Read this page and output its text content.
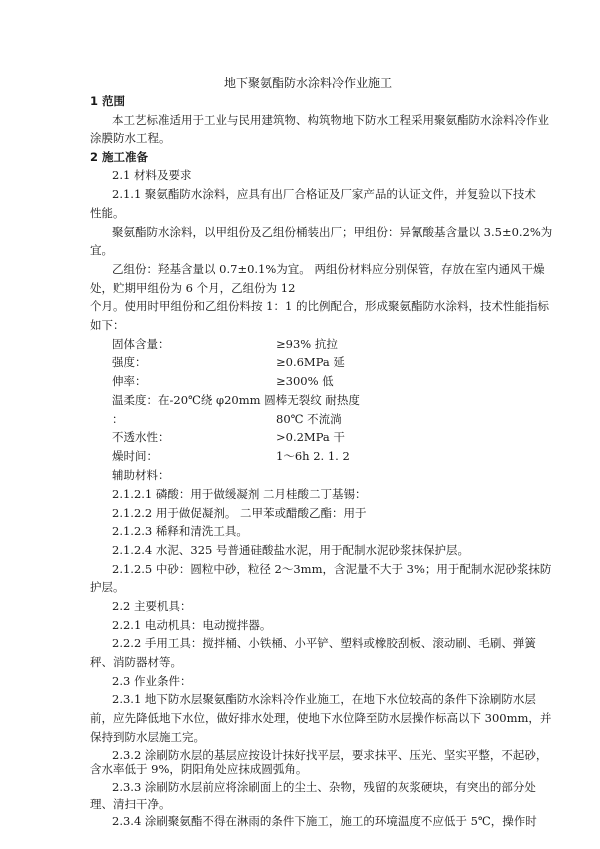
地下聚氨酯防水涂料冷作业施工
1 范围
本工艺标准适用于工业与民用建筑物、构筑物地下防水工程采用聚氨酯防水涂料冷作业
涂膜防水工程。
2 施工准备
2.1 材料及要求
2.1.1 聚氨酯防水涂料，应具有出厂合格证及厂家产品的认证文件，并复验以下技术
性能。
聚氨酯防水涂料，以甲组份及乙组份桶装出厂；甲组份：异氰酸基含量以 3.5±0.2%为
宜。
乙组份：羟基含量以 0.7±0.1%为宜。 两组份材料应分别保管，存放在室内通风干燥
处，贮期甲组份为 6 个月，乙组份为 12
个月。使用时甲组份和乙组份料按 1：1 的比例配合，形成聚氨酯防水涂料，技术性能指标
如下：
固体含量：	≥93% 抗拉
强度：	≥0.6MPa 延
伸率：	≥300% 低
温柔度：在-20℃绕 φ20mm 圆棒无裂纹 耐热度
：	80℃ 不流淌
不透水性：	>0.2MPa 干
燥时间：	1～6h 2. 1. 2
辅助材料：
2.1.2.1 磷酸：用于做缓凝剂 二月桂酸二丁基锡：
2.1.2.2 用于做促凝剂。 二甲苯或醋酸乙酯：用于
2.1.2.3 稀释和清洗工具。
2.1.2.4 水泥、325 号普通硅酸盐水泥，用于配制水泥砂浆抹保护层。
2.1.2.5 中砂：圆粒中砂，粒径 2～3mm，含泥量不大于 3%；用于配制水泥砂浆抹防
护层。
2.2 主要机具：
2.2.1 电动机具：电动搅拌器。
2.2.2 手用工具：搅拌桶、小铁桶、小平铲、塑料或橡胶刮板、滚动刷、毛刷、弹簧
秤、消防器材等。
2.3 作业条件：
2.3.1 地下防水层聚氨酯防水涂料冷作业施工，在地下水位较高的条件下涂刷防水层
前，应先降低地下水位，做好排水处理，使地下水位降至防水层操作标高以下 300mm，并
保持到防水层施工完。
2.3.2 涂刷防水层的基层应按设计抹好找平层，要求抹平、压光、坚实平整，不起砂，
含水率低于 9%，阴阳角处应抹成圆弧角。
2.3.3 涂刷防水层前应将涂刷面上的尘土、杂物，残留的灰浆硬块，有突出的部分处
理、清扫干净。
2.3.4 涂刷聚氨酯不得在淋雨的条件下施工，施工的环境温度不应低于 5℃，操作时
